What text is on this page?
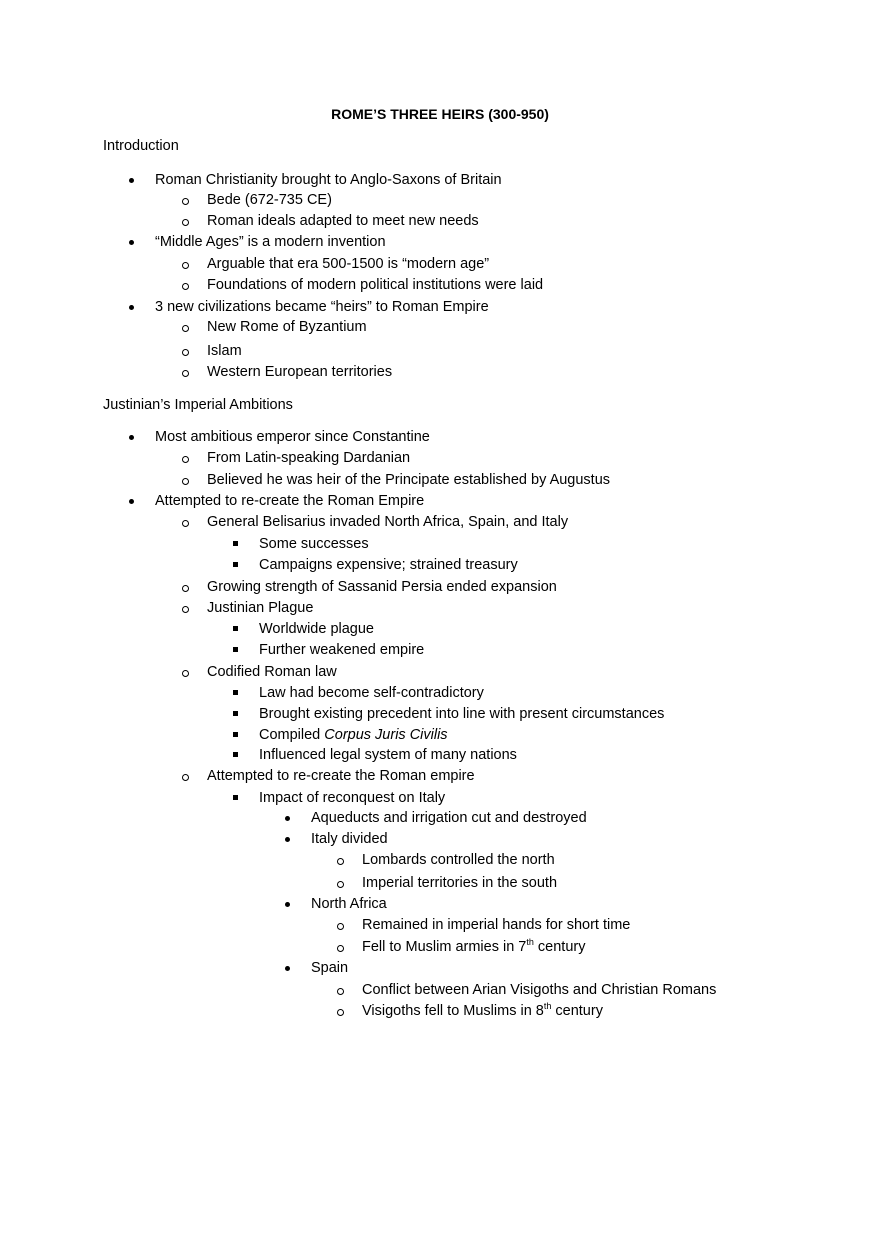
ROME’S THREE HEIRS (300-950)
Introduction
Roman Christianity brought to Anglo-Saxons of Britain
Bede (672-735 CE)
Roman ideals adapted to meet new needs
“Middle Ages” is a modern invention
Arguable that era 500-1500 is “modern age”
Foundations of modern political institutions were laid
3 new civilizations became “heirs” to Roman Empire
New Rome of Byzantium
Islam
Western European territories
Justinian’s Imperial Ambitions
Most ambitious emperor since Constantine
From Latin-speaking Dardanian
Believed he was heir of the Principate established by Augustus
Attempted to re-create the Roman Empire
General Belisarius invaded North Africa, Spain, and Italy
Some successes
Campaigns expensive; strained treasury
Growing strength of Sassanid Persia ended expansion
Justinian Plague
Worldwide plague
Further weakened empire
Codified Roman law
Law had become self-contradictory
Brought existing precedent into line with present circumstances
Compiled Corpus Juris Civilis
Influenced legal system of many nations
Attempted to re-create the Roman empire
Impact of reconquest on Italy
Aqueducts and irrigation cut and destroyed
Italy divided
Lombards controlled the north
Imperial territories in the south
North Africa
Remained in imperial hands for short time
Fell to Muslim armies in 7th century
Spain
Conflict between Arian Visigoths and Christian Romans
Visigoths fell to Muslims in 8th century
